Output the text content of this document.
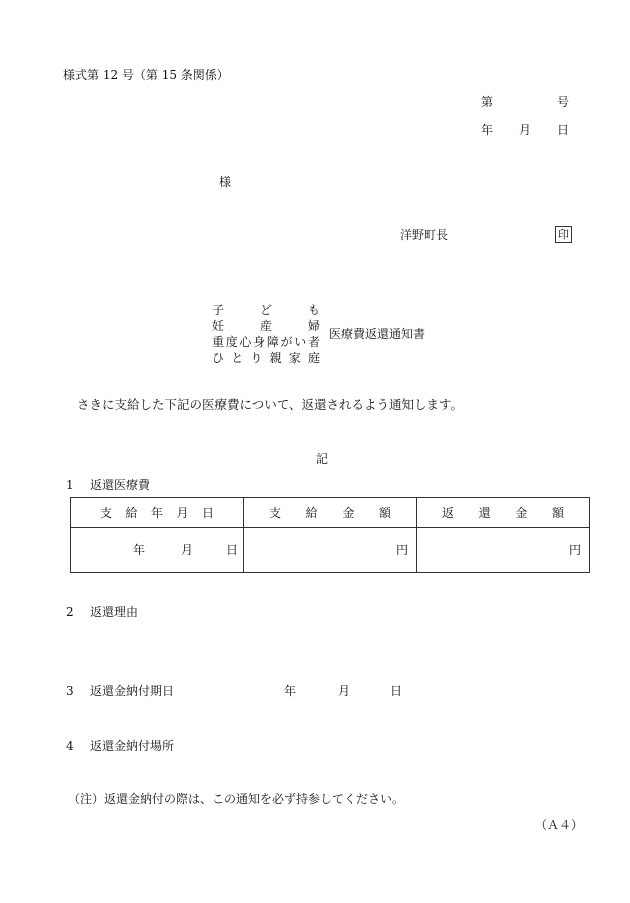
様式第 12 号（第 15 条関係）
第	号
年 月 日
様
洋野町長	印
子　ど　も
妊　産　婦
重度心身障がい者
ひとり親家庭
医療費返還通知書
さきに支給した下記の医療費について、返還されるよう通知します。
記
1 返還医療費
支給年月日	支給金額	返還金額

年 月 日	円	円
2 返還理由
3 返還金納付期日	年	月	日
4 返還金納付場所
（注）返還金納付の際は、この通知を必ず持参してください。
（Ａ４）
